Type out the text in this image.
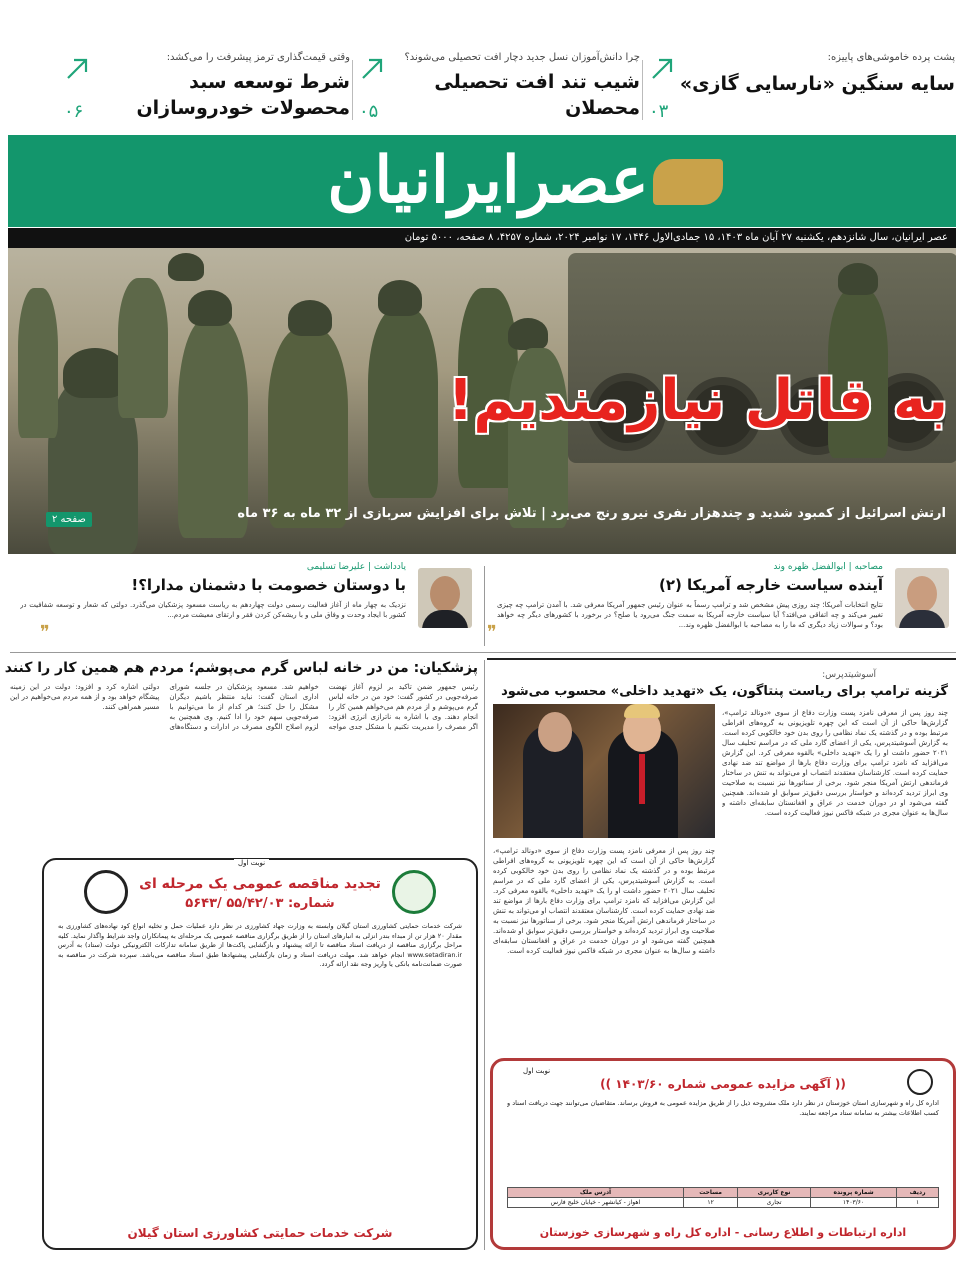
پشت پرده خاموشی‌های پاییزه:
سایه سنگین «نارسایی گازی»
۰۳
چرا دانش‌آموزان نسل جدید دچار افت تحصیلی می‌شوند؟
شیب تند افت تحصیلی محصلان
۰۵
وقتی قیمت‌گذاری ترمز پیشرفت را می‌کشد:
شرط توسعه سبد محصولات خودروسازان
۰۶
عصرایرانیان
عصر ایرانیان، سال شانزدهم، یکشنبه ۲۷ آبان ماه ۱۴۰۳، ۱۵ جمادی‌الاول ۱۴۴۶، ۱۷ نوامبر ۲۰۲۴، شماره ۴۲۵۷، ۸ صفحه، ۵۰۰۰ تومان
به قاتل نیازمندیم!
ارتش اسرائیل از کمبود شدید و چندهزار نفری نیرو رنج می‌برد | تلاش برای افزایش سربازی از ۳۲ ماه به ۳۶ ماه
صفحه ۲
مصاحبه | ابوالفضل ظهره وند
آینده سیاست خارجه آمریکا (۲)
نتایج انتخابات آمریکا؛ چند روزی پیش مشخص شد و ترامپ رسماً به عنوان رئیس جمهور آمریکا معرفی شد. با آمدن ترامپ چه چیزی تغییر می‌کند و چه اتفاقی می‌افتد؟ آیا سیاست خارجه آمریکا به سمت جنگ می‌رود یا صلح؟ در برخورد با کشورهای دیگر چه خواهد بود؟ و سوالات زیاد دیگری که ما را به مصاحبه با ابوالفضل ظهره وند...
❞
یادداشت | علیرضا تسلیمی
با دوستان خصومت با دشمنان مدارا؟!
نزدیک به چهار ماه از آغاز فعالیت رسمی دولت چهاردهم به ریاست مسعود پزشکیان می‌گذرد. دولتی که شعار و توسعه شفافیت در کشور با ایجاد وحدت و وفاق ملی و با ریشه‌کن کردن فقر و ارتقای معیشت مردم...
❞
پزشکیان: من در خانه لباس گرم می‌پوشم؛ مردم هم همین کار را کنند
رئیس جمهور ضمن تاکید بر لزوم آغاز نهضت صرفه‌جویی در کشور گفت: خود من در خانه لباس گرم می‌پوشم و از مردم هم می‌خواهم همین کار را انجام دهند. وی با اشاره به ناترازی انرژی افزود: اگر مصرف را مدیریت نکنیم با مشکل جدی مواجه خواهیم شد. مسعود پزشکیان در جلسه شورای اداری استان گفت: نباید منتظر باشیم دیگران مشکل را حل کنند؛ هر کدام از ما می‌توانیم با صرفه‌جویی سهم خود را ادا کنیم. وی همچنین به لزوم اصلاح الگوی مصرف در ادارات و دستگاه‌های دولتی اشاره کرد و افزود: دولت در این زمینه پیشگام خواهد بود و از همه مردم می‌خواهیم در این مسیر همراهی کنند.
آسوشیتدپرس:
گزینه ترامپ برای ریاست پنتاگون، یک «تهدید داخلی» محسوب می‌شود
چند روز پس از معرفی نامزد پست وزارت دفاع از سوی «دونالد ترامپ»، گزارش‌ها حاکی از آن است که این چهره تلویزیونی به گروه‌های افراطی مرتبط بوده و در گذشته یک نماد نظامی را روی بدن خود خالکوبی کرده است. به گزارش آسوشیتدپرس، یکی از اعضای گارد ملی که در مراسم تحلیف سال ۲۰۲۱ حضور داشت او را یک «تهدید داخلی» بالقوه معرفی کرد. این گزارش می‌افزاید که نامزد ترامپ برای وزارت دفاع بارها از مواضع تند ضد نهادی حمایت کرده است. کارشناسان معتقدند انتصاب او می‌تواند به تنش در ساختار فرماندهی ارتش آمریکا منجر شود. برخی از سناتورها نیز نسبت به صلاحیت وی ابراز تردید کرده‌اند و خواستار بررسی دقیق‌تر سوابق او شده‌اند. همچنین گفته می‌شود او در دوران خدمت در عراق و افغانستان سابقه‌ای داشته و سال‌ها به عنوان مجری در شبکه فاکس نیوز فعالیت کرده است.
چند روز پس از معرفی نامزد پست وزارت دفاع از سوی «دونالد ترامپ»، گزارش‌ها حاکی از آن است که این چهره تلویزیونی به گروه‌های افراطی مرتبط بوده و در گذشته یک نماد نظامی را روی بدن خود خالکوبی کرده است. به گزارش آسوشیتدپرس، یکی از اعضای گارد ملی که در مراسم تحلیف سال ۲۰۲۱ حضور داشت او را یک «تهدید داخلی» بالقوه معرفی کرد. این گزارش می‌افزاید که نامزد ترامپ برای وزارت دفاع بارها از مواضع تند ضد نهادی حمایت کرده است. کارشناسان معتقدند انتصاب او می‌تواند به تنش در ساختار فرماندهی ارتش آمریکا منجر شود. برخی از سناتورها نیز نسبت به صلاحیت وی ابراز تردید کرده‌اند و خواستار بررسی دقیق‌تر سوابق او شده‌اند. همچنین گفته می‌شود او در دوران خدمت در عراق و افغانستان سابقه‌ای داشته و سال‌ها به عنوان مجری در شبکه فاکس نیوز فعالیت کرده است.
نوبت اول
تجدید مناقصه عمومی یک مرحله ای
شماره: ۵۵/۴۲/۰۳ /۵۶۴۳
شرکت خدمات حمایتی کشاورزی استان گیلان وابسته به وزارت جهاد کشاورزی در نظر دارد عملیات حمل و تخلیه انواع کود نهاده‌های کشاورزی به مقدار ۲۰ هزار تن از مبداء بندر انزلی به انبارهای استان را از طریق برگزاری مناقصه عمومی یک مرحله‌ای به پیمانکاران واجد شرایط واگذار نماید. کلیه مراحل برگزاری مناقصه از دریافت اسناد مناقصه تا ارائه پیشنهاد و بازگشایی پاکت‌ها از طریق سامانه تدارکات الکترونیکی دولت (ستاد) به آدرس www.setadiran.ir انجام خواهد شد. مهلت دریافت اسناد و زمان بازگشایی پیشنهادها طبق اسناد مناقصه می‌باشد. سپرده شرکت در مناقصه به صورت ضمانت‌نامه بانکی یا واریز وجه نقد ارائه گردد.
شرکت خدمات حمایتی کشاورزی استان گیلان
نوبت اول
(( آگهی مزایده عمومی شماره ۱۴۰۳/۶۰ ))
اداره کل راه و شهرسازی استان خوزستان در نظر دارد ملک مشروحه ذیل را از طریق مزایده عمومی به فروش برساند. متقاضیان می‌توانند جهت دریافت اسناد و کسب اطلاعات بیشتر به سامانه ستاد مراجعه نمایند.
ردیف	شماره پرونده	نوع کاربری	مساحت	آدرس ملک
۱	۱۴۰۳/۶۰	تجاری	۱۲	اهواز - کیانشهر - خیابان خلیج فارس
اداره ارتباطات و اطلاع رسانی - اداره کل راه و شهرسازی خوزستان
